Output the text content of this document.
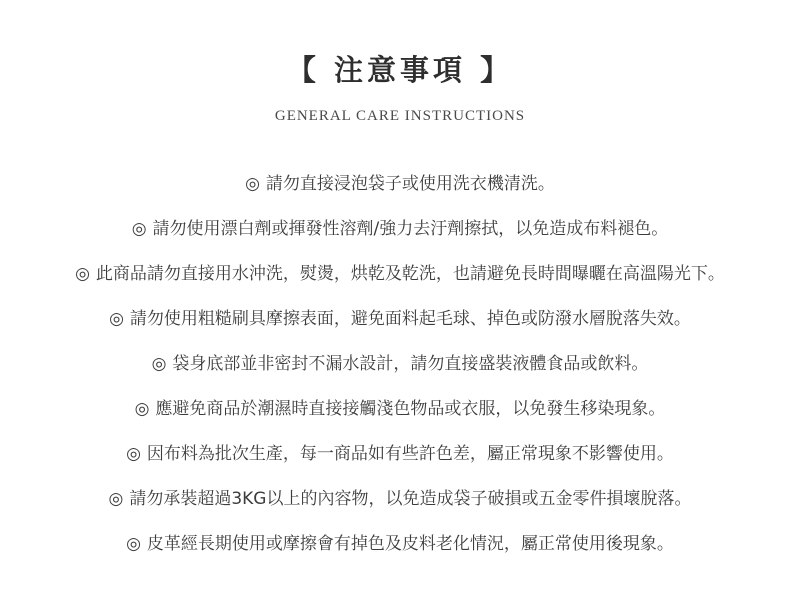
【 注意事項 】
GENERAL CARE INSTRUCTIONS
◎ 請勿直接浸泡袋子或使用洗衣機清洗。
◎ 請勿使用漂白劑或揮發性溶劑/強力去汙劑擦拭，以免造成布料褪色。
◎ 此商品請勿直接用水沖洗，熨燙，烘乾及乾洗，也請避免長時間曝曬在高溫陽光下。
◎ 請勿使用粗糙刷具摩擦表面，避免面料起毛球、掉色或防潑水層脫落失效。
◎ 袋身底部並非密封不漏水設計，請勿直接盛裝液體食品或飲料。
◎ 應避免商品於潮濕時直接接觸淺色物品或衣服，以免發生移染現象。
◎ 因布料為批次生產，每一商品如有些許色差，屬正常現象不影響使用。
◎ 請勿承裝超過3KG以上的內容物，以免造成袋子破損或五金零件損壞脫落。
◎ 皮革經長期使用或摩擦會有掉色及皮料老化情況，屬正常使用後現象。
